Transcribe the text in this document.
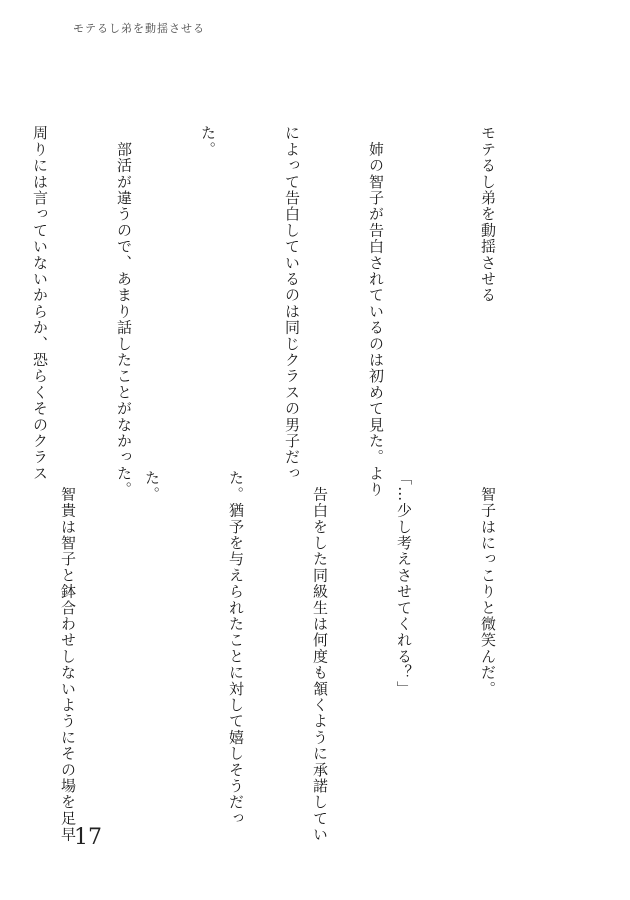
モテるし弟を動揺させる

モテるし弟を動揺させる

　姉の智子が告白されているのは初めて見た。より

によって告白しているのは同じクラスの男子だっ

た。

　部活が違うので、あまり話したことがなかった。

周りには言っていないからか、恐らくそのクラス

　智子はにっこりと微笑んだ。

「…少し考えさせてくれる？」

　告白をした同級生は何度も頷くように承諾してい

た。猶予を与えられたことに対して嬉しそうだっ

た。

　智貴は智子と鉢合わせしないようにその場を足早

17
